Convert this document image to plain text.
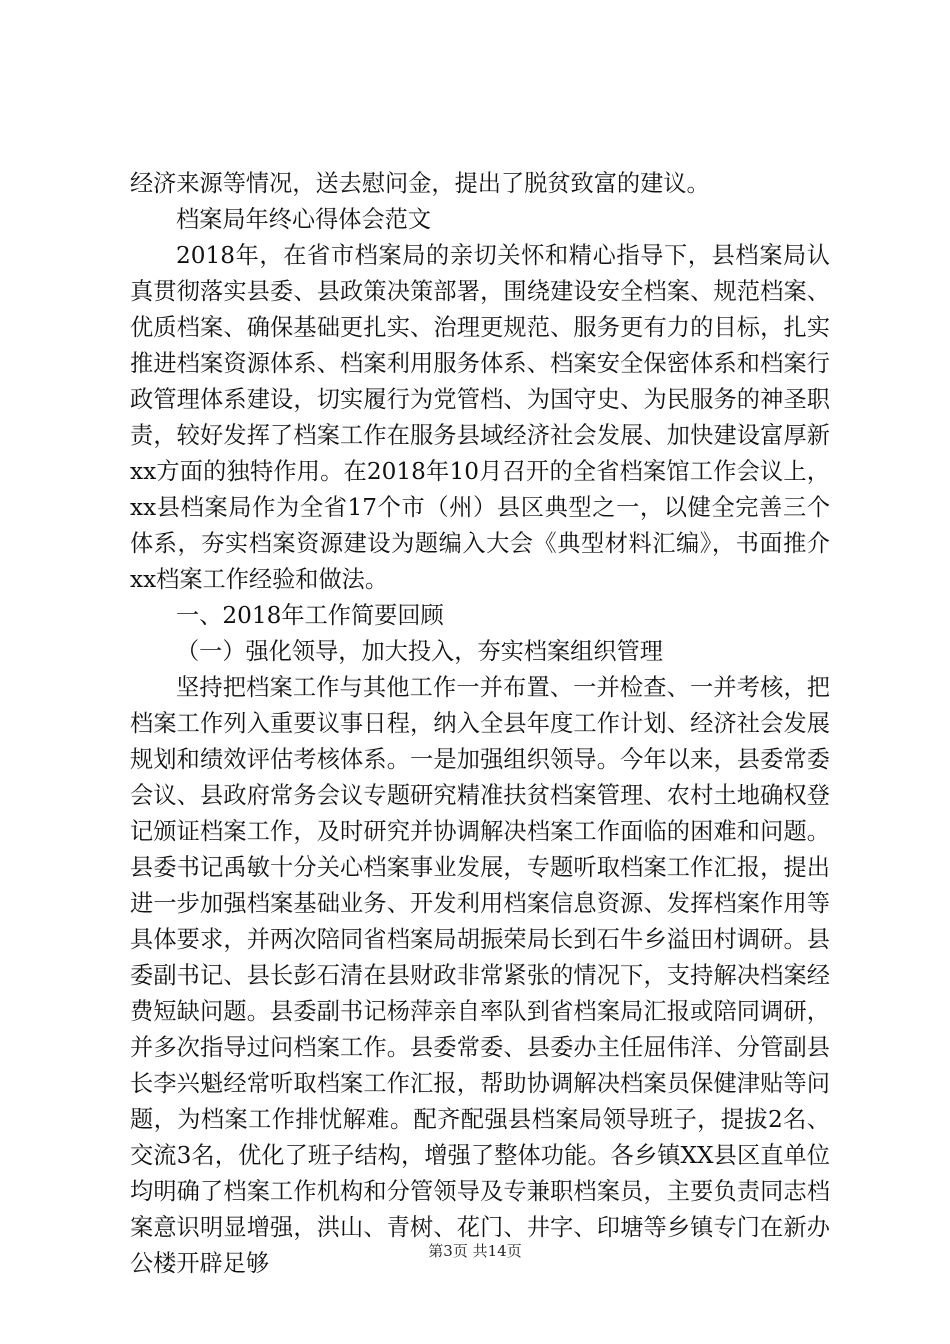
经济来源等情况，送去慰问金，提出了脱贫致富的建议。

档案局年终心得体会范文

2018年，在省市档案局的亲切关怀和精心指导下，县档案局认真贯彻落实县委、县政策决策部署，围绕建设安全档案、规范档案、优质档案、确保基础更扎实、治理更规范、服务更有力的目标，扎实推进档案资源体系、档案利用服务体系、档案安全保密体系和档案行政管理体系建设，切实履行为党管档、为国守史、为民服务的神圣职责，较好发挥了档案工作在服务县域经济社会发展、加快建设富厚新xx方面的独特作用。在2018年10月召开的全省档案馆工作会议上，xx县档案局作为全省17个市（州）县区典型之一，以健全完善三个体系，夯实档案资源建设为题编入大会《典型材料汇编》，书面推介xx档案工作经验和做法。

一、2018年工作简要回顾

（一）强化领导，加大投入，夯实档案组织管理

坚持把档案工作与其他工作一并布置、一并检查、一并考核，把档案工作列入重要议事日程，纳入全县年度工作计划、经济社会发展规划和绩效评估考核体系。一是加强组织领导。今年以来，县委常委会议、县政府常务会议专题研究精准扶贫档案管理、农村土地确权登记颁证档案工作，及时研究并协调解决档案工作面临的困难和问题。县委书记禹敏十分关心档案事业发展，专题听取档案工作汇报，提出进一步加强档案基础业务、开发利用档案信息资源、发挥档案作用等具体要求，并两次陪同省档案局胡振荣局长到石牛乡溢田村调研。县委副书记、县长彭石清在县财政非常紧张的情况下，支持解决档案经费短缺问题。县委副书记杨萍亲自率队到省档案局汇报或陪同调研，并多次指导过问档案工作。县委常委、县委办主任屈伟洋、分管副县长李兴魁经常听取档案工作汇报，帮助协调解决档案员保健津贴等问题，为档案工作排忧解难。配齐配强县档案局领导班子，提拔2名、交流3名，优化了班子结构，增强了整体功能。各乡镇XX县区直单位均明确了档案工作机构和分管领导及专兼职档案员，主要负责同志档案意识明显增强，洪山、青树、花门、井字、印塘等乡镇专门在新办公楼开辟足够	第3页 共14页
